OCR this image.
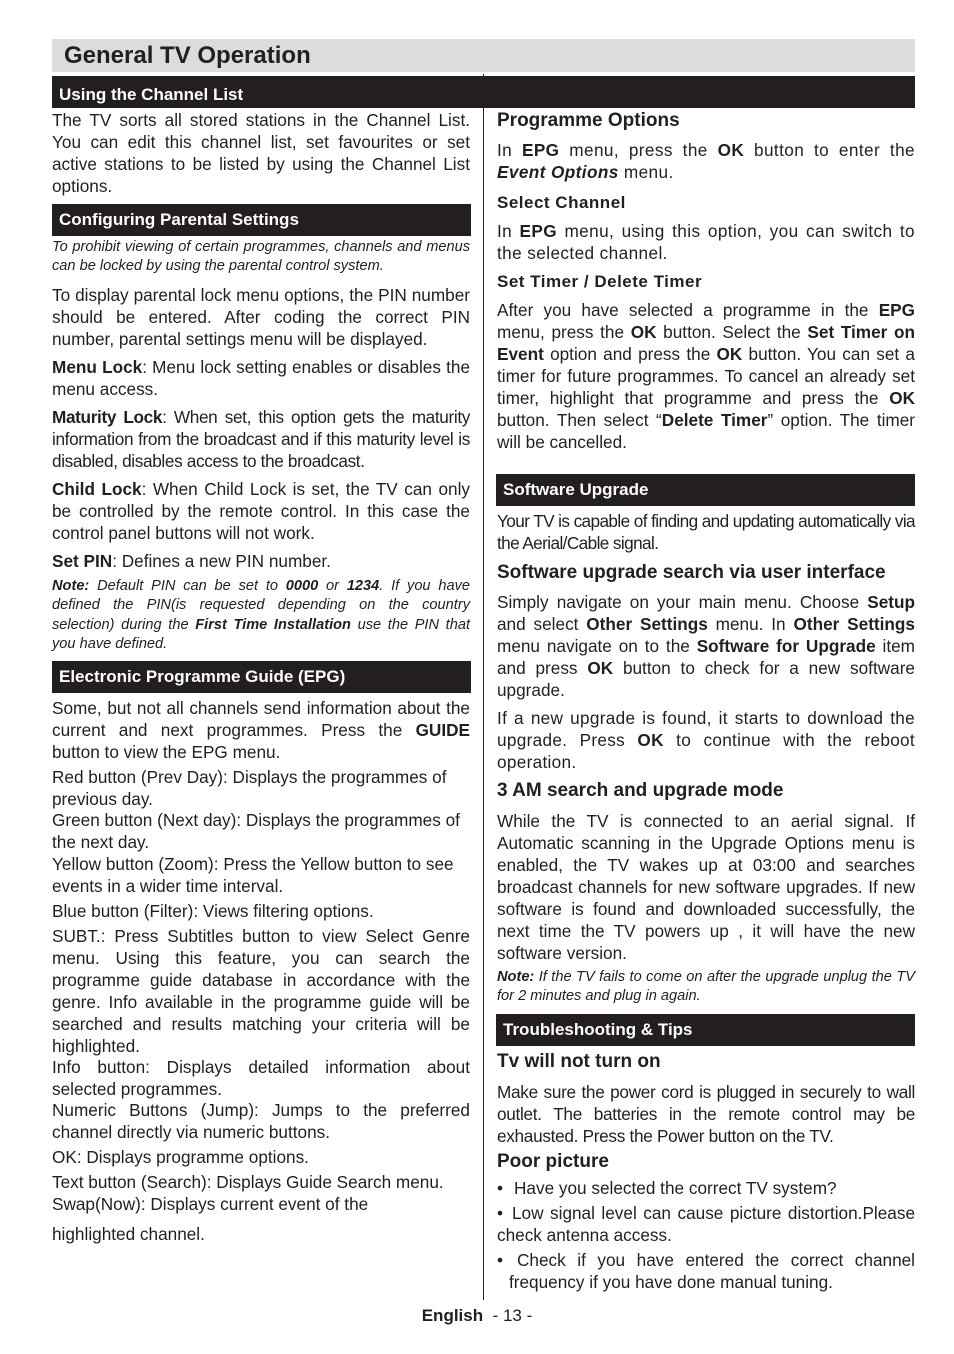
General TV Operation
Using the Channel List

The TV sorts all stored stations in the Channel List. You can edit this channel list, set favourites or set active stations to be listed by using the Channel List options.

Configuring Parental Settings

To prohibit viewing of certain programmes, channels and menus can be locked by using the parental control system.

To display parental lock menu options, the PIN number should be entered. After coding the correct PIN number, parental settings menu will be displayed.

Menu Lock: Menu lock setting enables or disables the menu access.

Maturity Lock: When set, this option gets the maturity information from the broadcast and if this maturity level is disabled, disables access to the broadcast.

Child Lock: When Child Lock is set, the TV can only be controlled by the remote control. In this case the control panel buttons will not work.

Set PIN: Defines a new PIN number.

Note: Default PIN can be set to 0000 or 1234. If you have defined the PIN(is requested depending on the country selection) during the First Time Installation use the PIN that you have defined.

Electronic Programme Guide (EPG)

Some, but not all channels send information about the current and next programmes. Press the GUIDE button to view the EPG menu.

Red button (Prev Day): Displays the programmes of previous day.

Green button (Next day): Displays the programmes of the next day.

Yellow button (Zoom): Press the Yellow button to see events in a wider time interval.

Blue button (Filter): Views filtering options.

SUBT.: Press Subtitles button to view Select Genre menu. Using this feature, you can search the programme guide database in accordance with the genre. Info available in the programme guide will be searched and results matching your criteria will be highlighted.

Info button: Displays detailed information about selected programmes.

Numeric Buttons (Jump): Jumps to the preferred channel directly via numeric buttons.

OK: Displays programme options.

Text button (Search): Displays Guide Search menu.

Swap(Now): Displays current event of the

highlighted channel.

Programme Options

In EPG menu, press the OK button to enter the Event Options menu.

Select Channel

In EPG menu, using this option, you can switch to the selected channel.

Set Timer / Delete Timer

After you have selected a programme in the EPG menu, press the OK button. Select the Set Timer on Event option and press the OK button. You can set a timer for future programmes. To cancel an already set timer, highlight that programme and press the OK button. Then select “Delete Timer” option. The timer will be cancelled.

Software Upgrade

Your TV is capable of finding and updating automatically via the Aerial/Cable signal.

Software upgrade search via user interface

Simply navigate on your main menu. Choose Setup and select Other Settings menu. In Other Settings menu navigate on to the Software for Upgrade item and press OK button to check for a new software upgrade.

If a new upgrade is found, it starts to download the upgrade. Press OK to continue with the reboot operation.

3 AM search and upgrade mode

While the TV is connected to an aerial signal. If Automatic scanning in the Upgrade Options menu is enabled, the TV wakes up at 03:00 and searches broadcast channels for new software upgrades. If new software is found and downloaded successfully, the next time the TV powers up , it will have the new software version.

Note: If the TV fails to come on after the upgrade unplug the TV for 2 minutes and plug in again.

Troubleshooting & Tips
Tv will not turn on

Make sure the power cord is plugged in securely to wall outlet. The batteries in the remote control may be exhausted. Press the Power button on the TV.

Poor picture
• Have you selected the correct TV system?
• Low signal level can cause picture distortion.Please check antenna access.

• Check if you have entered the correct channel frequency if you have done manual tuning.

English - 13 -
